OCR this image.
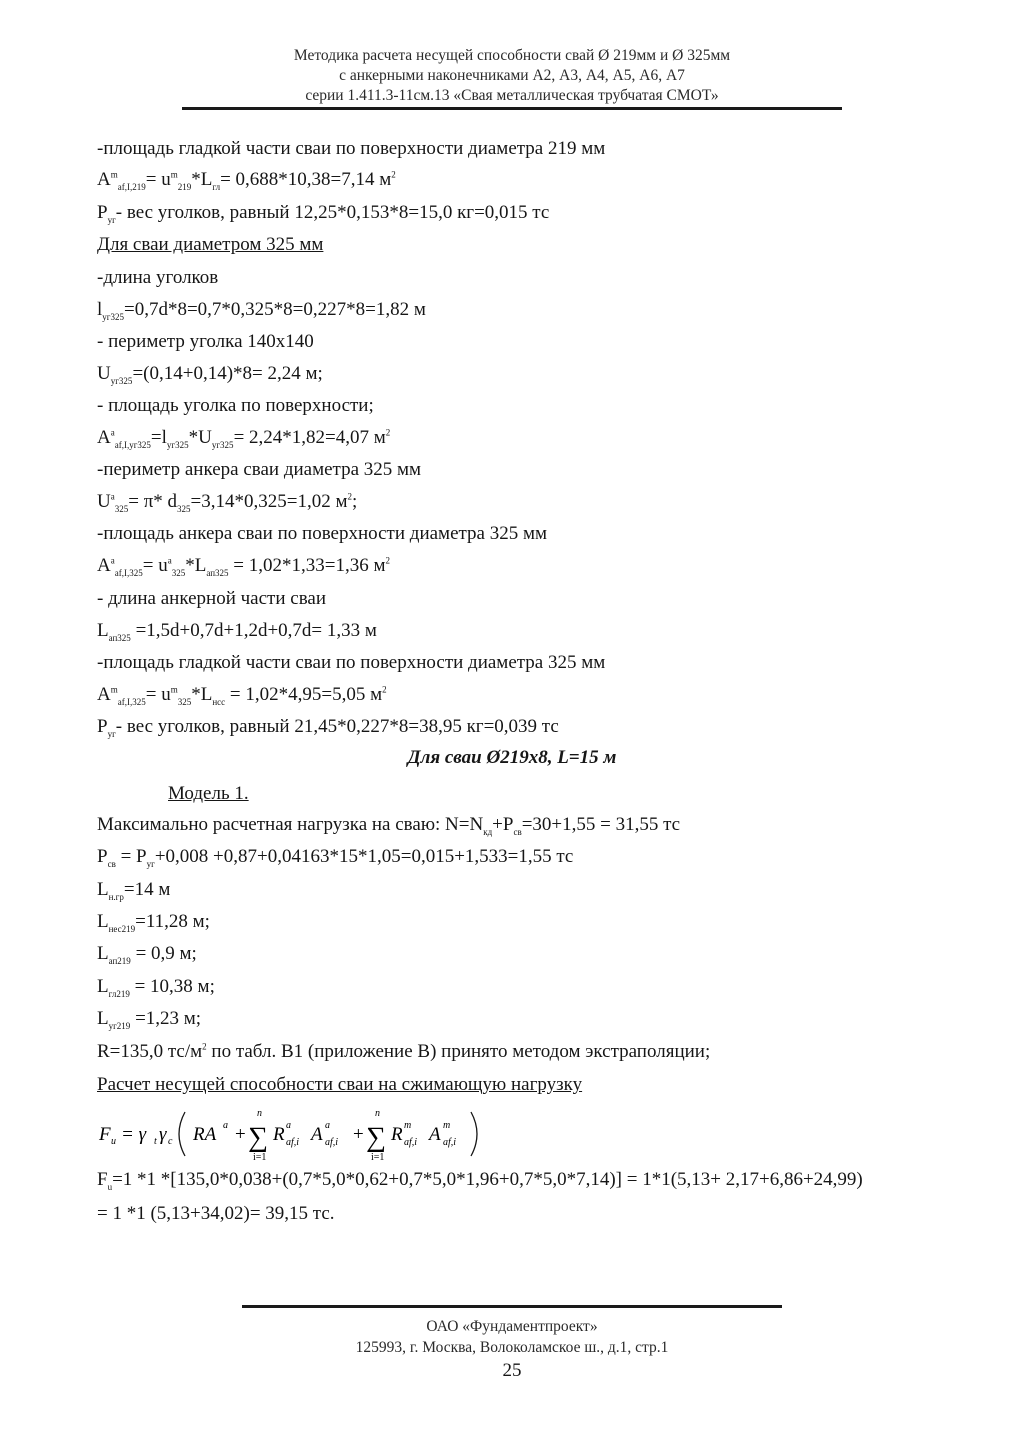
Методика расчета несущей способности свай Ø 219мм и Ø 325мм
с анкерными наконечниками А2, А3, А4, А5, А6, А7
серии 1.411.3-11см.13 «Свая металлическая трубчатая СМОТ»
-площадь гладкой части сваи по поверхности диаметра 219 мм
$A^m_{af,I,219}= u^m_{219}*L_{гл}= 0,688*10,38=7,14$ $м^2$
$P_{уг}-$ вес уголков, равный 12,25*0,153*8=15,0 кг=0,015 тс
Для сваи диаметром 325 мм
-длина уголков
$l_{уг325}=0,7d*8=0,7*0,325*8=0,227*8=1,82$ м
- периметр уголка 140х140
$U_{уг325}=(0,14+0,14)*8= 2,24$ м;
- площадь уголка по поверхности;
$A^а_{af,I,уг325}=l_{уг325}*U_{уг325}= 2,24*1,82=4,07$ $м^2$
-периметр анкера сваи диаметра 325 мм
$U^а_{325}= \pi*$ $d_{325}=3,14*0,325=1,02$ $м^2$;
-площадь анкера сваи по поверхности диаметра 325 мм
$A^а_{af,I,325}= u^а_{325}*L_{ап325} = 1,02*1,33=1,36$ $м^2$
- длина анкерной части сваи
$L_{ап325} =1,5d+0,7d+1,2d+0,7d= 1,33$ м
-площадь гладкой части сваи по поверхности диаметра 325 мм
$A^m_{af,I,325}= u^m_{325}*L_{нсс} = 1,02*4,95=5,05$ $м^2$
$P_{уг}-$ вес уголков, равный 21,45*0,227*8=38,95 кг=0,039 тс
Для сваи Ø219х8, L=15 м
Модель 1.
Максимально расчетная нагрузка на сваю: $N=N_{кд}+P_{св}=30+1,55 = 31,55$ тс
$P_{св} = P_{уг}+0,008 +0,87+0,04163*15*1,05=0,015+1,533=1,55$ тс
$L_{н.гр}=14$ м
$L_{нес219}=11,28$ м;
$L_{ап219} = 0,9$ м;
$L_{гл219} = 10,38$ м;
$L_{уг219} =1,23$ м;
R=135,0 $тс/м^2$ по табл. В1 (приложение В) принято методом экстраполяции;
Расчет несущей способности сваи на сжимающую нагрузку
F u = γ t γ c RA a +
n
∑
i=1
R a
af,i A a
af,i +
n
∑
i=1
R m
af,i A m
af,i
$F_u=1$ *1 *[135,0*0,038+(0,7*5,0*0,62+0,7*5,0*1,96+0,7*5,0*7,14)] = 1*1(5,13+ 2,17+6,86+24,99)
= 1 *1 (5,13+34,02)= 39,15 тс.
ОАО «Фундаментпроект»
125993, г. Москва, Волоколамское ш., д.1, стр.1
25
